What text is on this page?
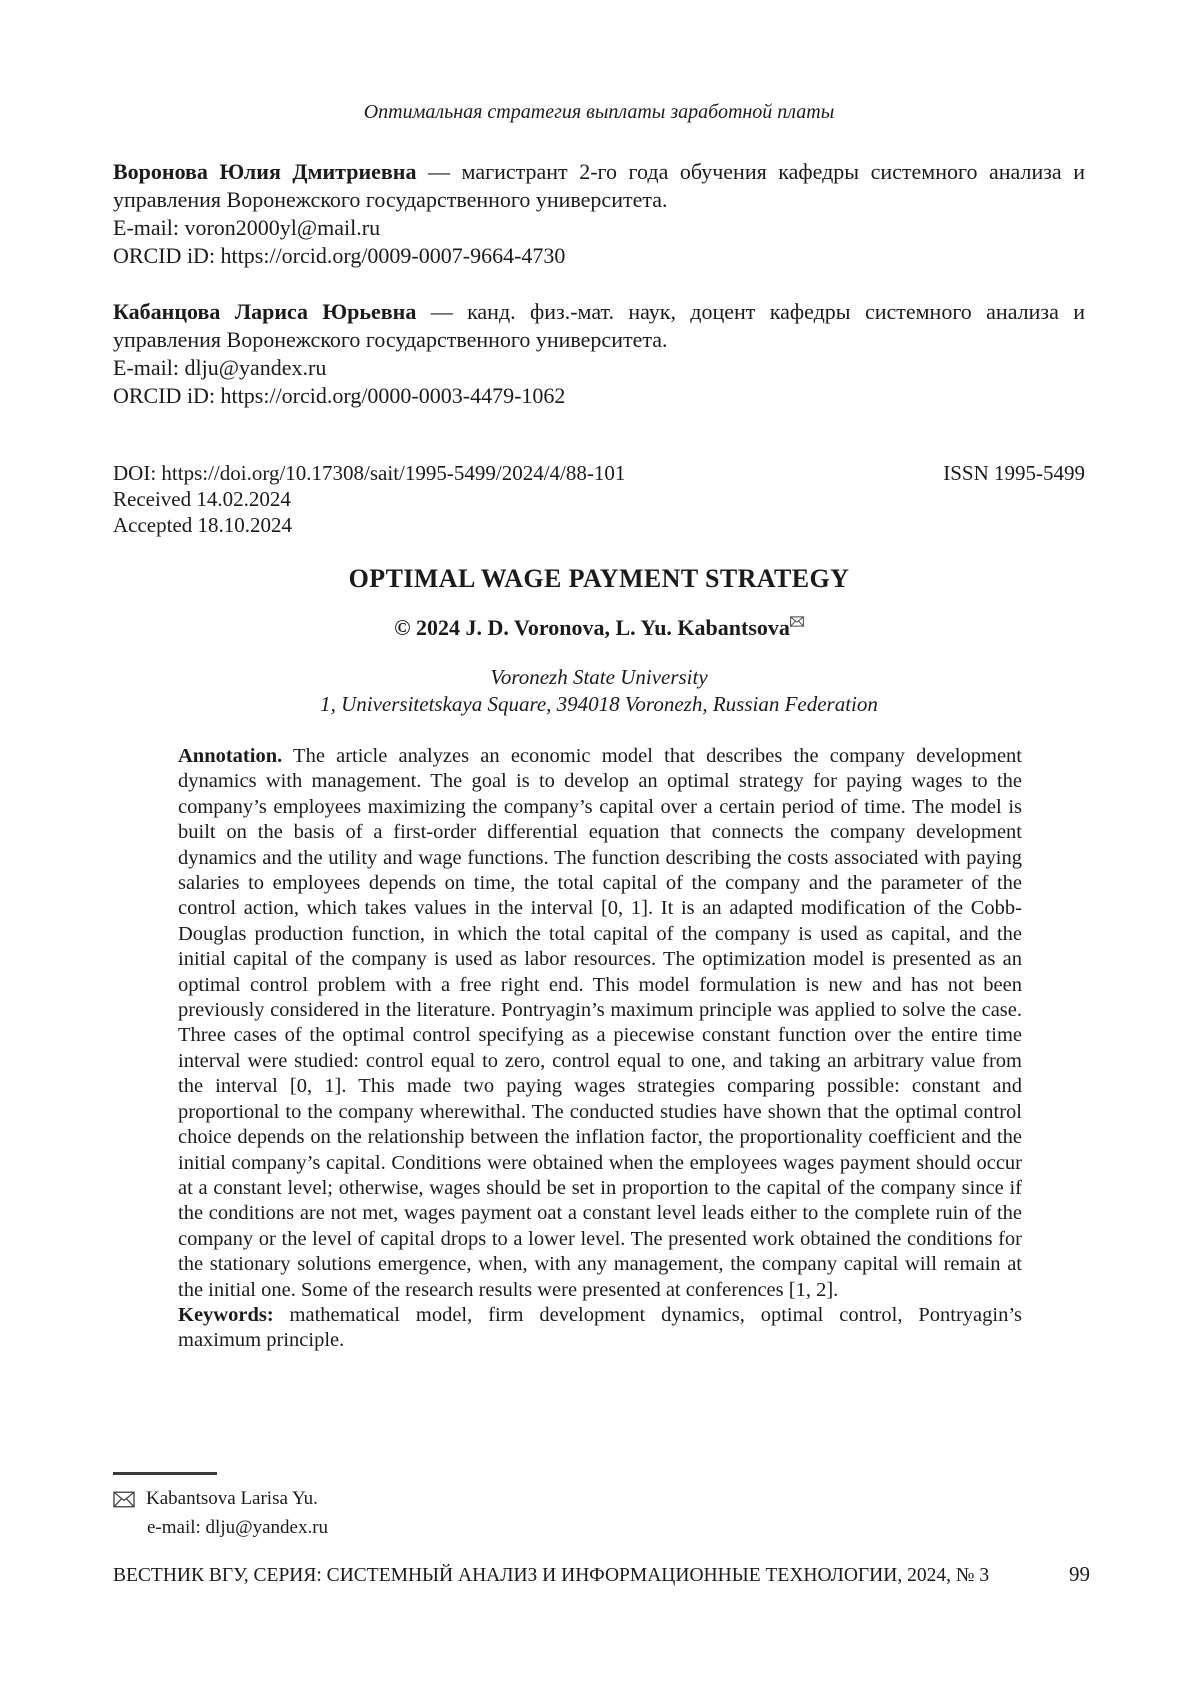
Оптимальная стратегия выплаты заработной платы

Воронова Юлия Дмитриевна — магистрант 2-го года обучения кафедры системного анализа и управления Воронежского государственного университета.
E-mail: voron2000yl@mail.ru
ORCID iD: https://orcid.org/0009-0007-9664-4730

Кабанцова Лариса Юрьевна — канд. физ.-мат. наук, доцент кафедры системного анализа и управления Воронежского государственного университета.
E-mail: dlju@yandex.ru
ORCID iD: https://orcid.org/0000-0003-4479-1062

DOI: https://doi.org/10.17308/sait/1995-5499/2024/4/88-101	ISSN 1995-5499
Received 14.02.2024
Accepted 18.10.2024
OPTIMAL WAGE PAYMENT STRATEGY
© 2024 J. D. Voronova, L. Yu. Kabantsova
Voronezh State University
1, Universitetskaya Square, 394018 Voronezh, Russian Federation

Annotation. The article analyzes an economic model that describes the company development dynamics with management. The goal is to develop an optimal strategy for paying wages to the company’s employees maximizing the company’s capital over a certain period of time. The model is built on the basis of a first-order differential equation that connects the company development dynamics and the utility and wage functions. The function describing the costs associated with paying salaries to employees depends on time, the total capital of the company and the parameter of the control action, which takes values in the interval [0, 1]. It is an adapted modification of the Cobb-Douglas production function, in which the total capital of the company is used as capital, and the initial capital of the company is used as labor resources. The optimization model is presented as an optimal control problem with a free right end. This model formulation is new and has not been previously considered in the literature. Pontryagin’s maximum principle was applied to solve the case. Three cases of the optimal control specifying as a piecewise constant function over the entire time interval were studied: control equal to zero, control equal to one, and taking an arbitrary value from the interval [0, 1]. This made two paying wages strategies comparing possible: constant and proportional to the company wherewithal. The conducted studies have shown that the optimal control choice depends on the relationship between the inflation factor, the proportionality coefficient and the initial company’s capital. Conditions were obtained when the employees wages payment should occur at a constant level; otherwise, wages should be set in proportion to the capital of the company since if the conditions are not met, wages payment oat a constant level leads either to the complete ruin of the company or the level of capital drops to a lower level. The presented work obtained the conditions for the stationary solutions emergence, when, with any management, the company capital will remain at the initial one. Some of the research results were presented at conferences [1, 2].

Keywords: mathematical model, firm development dynamics, optimal control, Pontryagin’s maximum principle.

Kabantsova Larisa Yu.
e-mail: dlju@yandex.ru
ВЕСТНИК ВГУ, СЕРИЯ: СИСТЕМНЫЙ АНАЛИЗ И ИНФОРМАЦИОННЫЕ ТЕХНОЛОГИИ, 2024, № 3	99
